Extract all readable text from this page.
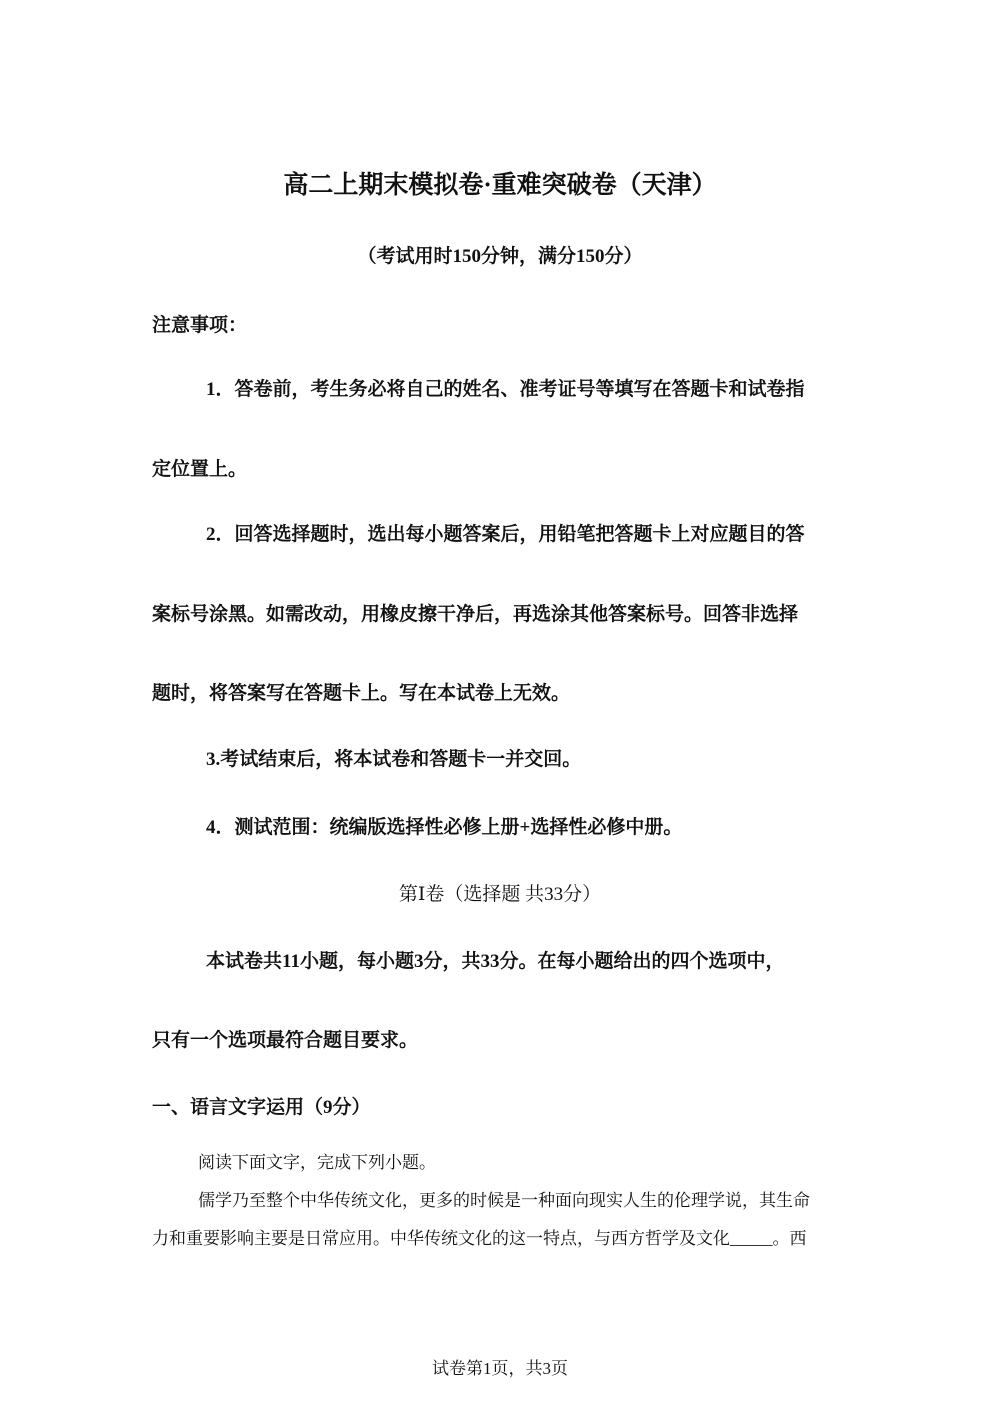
高二上期末模拟卷·重难突破卷（天津）
（考试用时150分钟，满分150分）
注意事项：
1．答卷前，考生务必将自己的姓名、准考证号等填写在答题卡和试卷指
定位置上。
2．回答选择题时，选出每小题答案后，用铅笔把答题卡上对应题目的答
案标号涂黑。如需改动，用橡皮擦干净后，再选涂其他答案标号。回答非选择
题时，将答案写在答题卡上。写在本试卷上无效。
3.考试结束后，将本试卷和答题卡一并交回。
4．测试范围：统编版选择性必修上册+选择性必修中册。
第Ⅰ卷（选择题 共33分）
本试卷共11小题，每小题3分，共33分。在每小题给出的四个选项中，
只有一个选项最符合题目要求。
一、语言文字运用（9分）
阅读下面文字，完成下列小题。
儒学乃至整个中华传统文化，更多的时候是一种面向现实人生的伦理学说，其生命
力和重要影响主要是日常应用。中华传统文化的这一特点，与西方哲学及文化_____。西
试卷第1页，共3页
